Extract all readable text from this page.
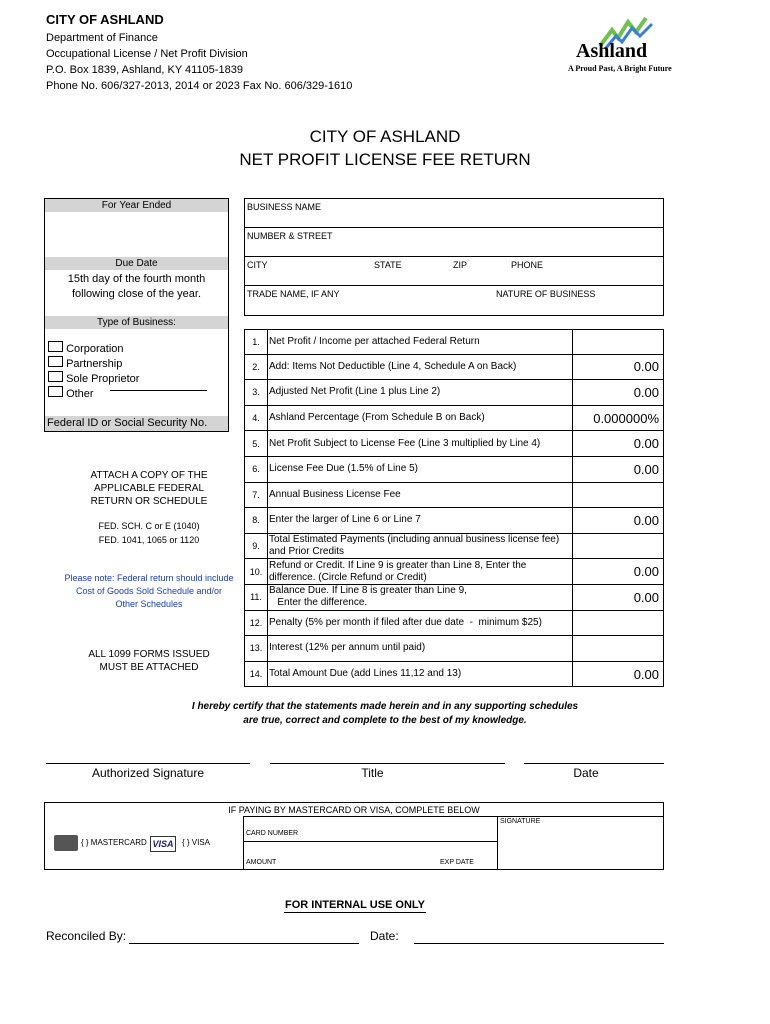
CITY OF ASHLAND
Department of Finance
Occupational License / Net Profit Division
P.O. Box 1839, Ashland, KY 41105-1839
Phone No. 606/327-2013, 2014 or 2023 Fax No. 606/329-1610
Ashland
A Proud Past, A Bright Future
CITY OF ASHLAND
NET PROFIT LICENSE FEE RETURN
For Year Ended
Due Date
15th day of the fourth month
following close of the year.
Type of Business:
Corporation
Partnership
Sole Proprietor
Other
Federal ID or Social Security No.
ATTACH A COPY OF THE
APPLICABLE FEDERAL
RETURN OR SCHEDULE
FED. SCH. C or E (1040)
FED. 1041, 1065 or 1120
Please note: Federal return should include
Cost of Goods Sold Schedule and/or
Other Schedules
ALL 1099 FORMS ISSUED
MUST BE ATTACHED
BUSINESS NAME
NUMBER & STREET
CITY	STATE	ZIP	PHONE
TRADE NAME, IF ANY	NATURE OF BUSINESS
1. Net Profit / Income per attached Federal Return
2. Add: Items Not Deductible (Line 4, Schedule A on Back)	0.00
3. Adjusted Net Profit (Line 1 plus Line 2)	0.00
4. Ashland Percentage (From Schedule B on Back)	0.000000%
5. Net Profit Subject to License Fee (Line 3 multiplied by Line 4)	0.00
6. License Fee Due (1.5% of Line 5)	0.00
7. Annual Business License Fee
8. Enter the larger of Line 6 or Line 7	0.00
9.
Total Estimated Payments (including annual business license fee)
and Prior Credits
10.
Refund or Credit. If Line 9 is greater than Line 8, Enter the
difference. (Circle Refund or Credit)	0.00
11.
Balance Due. If Line 8 is greater than Line 9,
Enter the difference.	0.00
12. Penalty (5% per month if filed after due date  -  minimum $25)
13. Interest (12% per annum until paid)
14. Total Amount Due (add Lines 11,12 and 13)	0.00
I hereby certify that the statements made herein and in any supporting schedules
are true, correct and complete to the best of my knowledge.
Authorized Signature	Title	Date
IF PAYING BY MASTERCARD OR VISA, COMPLETE BELOW
{ } MASTERCARD VISA	{ } VISA
CARD NUMBER
AMOUNT	EXP DATE
SIGNATURE
FOR INTERNAL USE ONLY
Reconciled By:	Date:
